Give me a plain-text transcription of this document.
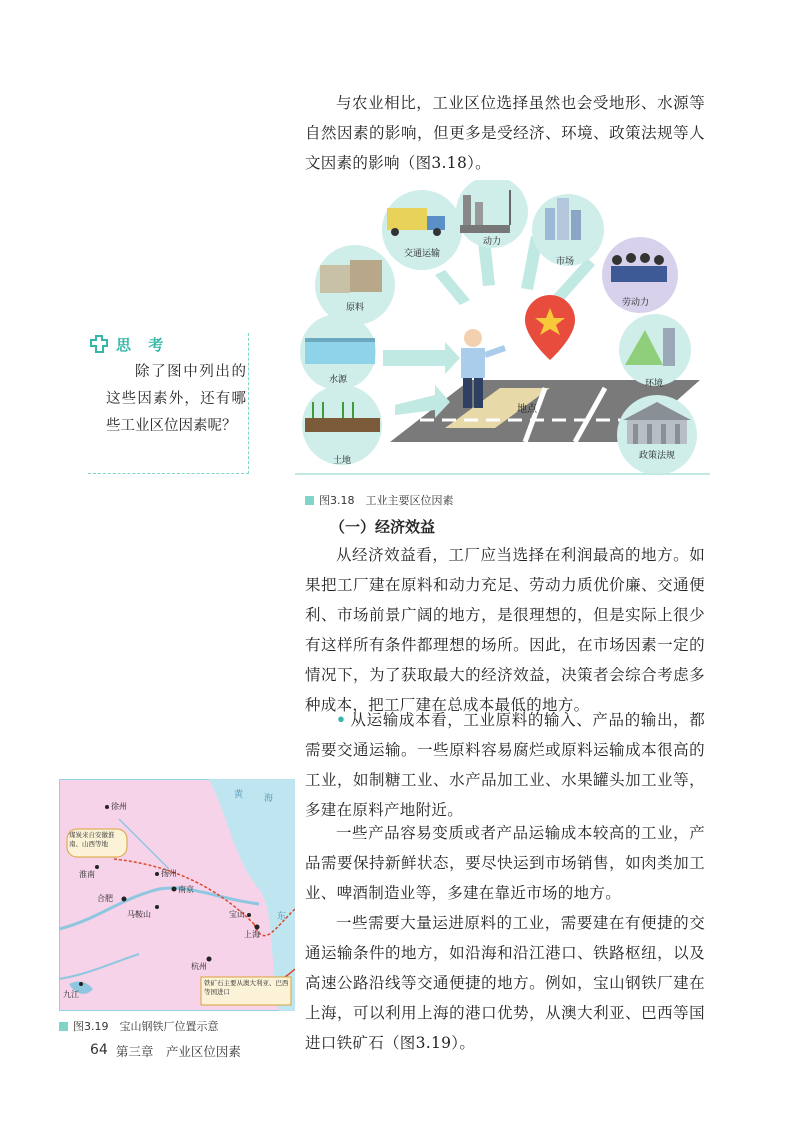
与农业相比，工业区位选择虽然也会受地形、水源等自然因素的影响，但更多是受经济、环境、政策法规等人文因素的影响（图3.18）。

交通运输
动力
市场
劳动力
原料
水源	环境
土地	政策法规
地点
思 考
除了图中列出的这些因素外，还有哪些工业区位因素呢？
图3.18　工业主要区位因素
（一）经济效益

从经济效益看，工厂应当选择在利润最高的地方。如果把工厂建在原料和动力充足、劳动力质优价廉、交通便利、市场前景广阔的地方，是很理想的，但是实际上很少有这样所有条件都理想的场所。因此，在市场因素一定的情况下，为了获取最大的经济效益，决策者会综合考虑多种成本，把工厂建在总成本最低的地方。

• 从运输成本看，工业原料的输入、产品的输出，都需要交通运输。一些原料容易腐烂或原料运输成本很高的工业，如制糖工业、水产品加工业、水果罐头加工业等，多建在原料产地附近。

一些产品容易变质或者产品运输成本较高的工业，产品需要保持新鲜状态，要尽快运到市场销售，如肉类加工业、啤酒制造业等，多建在靠近市场的地方。

一些需要大量运进原料的工业，需要建在有便捷的交通运输条件的地方，如沿海和沿江港口、铁路枢纽，以及高速公路沿线等交通便捷的地方。例如，宝山钢铁厂建在上海，可以利用上海的港口优势，从澳大利亚、巴西等国进口铁矿石（图3.19）。

徐州
淮南	扬州
合肥
南京
马鞍山	宝山
上海
杭州
九江
黄 海
东
煤炭来自安徽淮南、山西等地
铁矿石主要从澳大利亚、巴西等国进口
图3.19　宝山钢铁厂位置示意
64 第三章　产业区位因素
